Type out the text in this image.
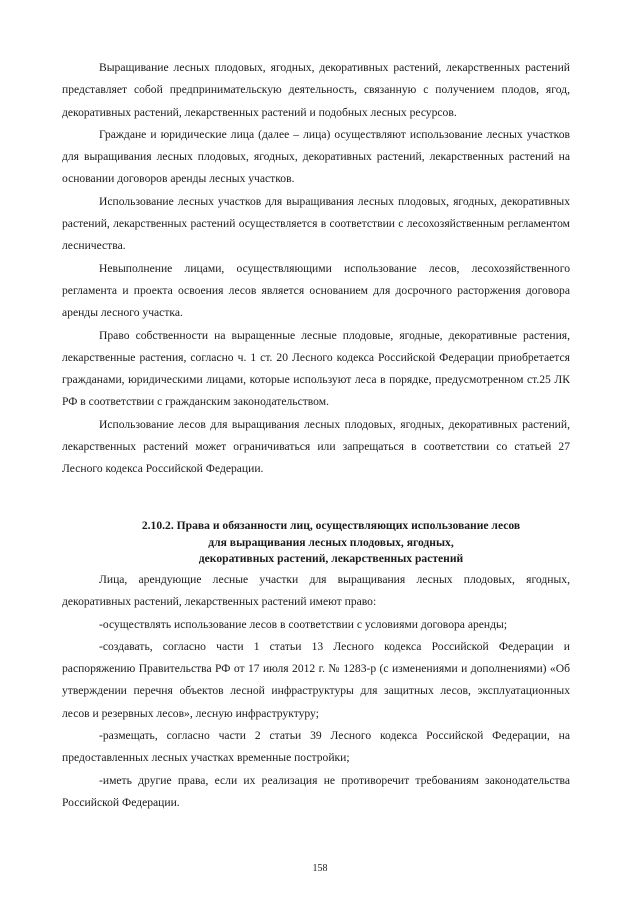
Выращивание лесных плодовых, ягодных, декоративных растений, лекарственных растений представляет собой предпринимательскую деятельность, связанную с получением плодов, ягод, декоративных растений, лекарственных растений и подобных лесных ресурсов.

Граждане и юридические лица (далее – лица) осуществляют использование лесных участков для выращивания лесных плодовых, ягодных, декоративных растений, лекарственных растений на основании договоров аренды лесных участков.

Использование лесных участков для выращивания лесных плодовых, ягодных, декоративных растений, лекарственных растений осуществляется в соответствии с лесохозяйственным регламентом лесничества.

Невыполнение лицами, осуществляющими использование лесов, лесохозяйственного регламента и проекта освоения лесов является основанием для досрочного расторжения договора аренды лесного участка.

Право собственности на выращенные лесные плодовые, ягодные, декоративные растения, лекарственные растения, согласно ч. 1 ст. 20 Лесного кодекса Российской Федерации приобретается гражданами, юридическими лицами, которые используют леса в порядке, предусмотренном ст.25 ЛК РФ в соответствии с гражданским законодательством.

Использование лесов для выращивания лесных плодовых, ягодных, декоративных растений, лекарственных растений может ограничиваться или запрещаться в соответствии со статьей 27 Лесного кодекса Российской Федерации.

2.10.2. Права и обязанности лиц, осуществляющих использование лесов
для выращивания лесных плодовых, ягодных,
декоративных растений, лекарственных растений

Лица, арендующие лесные участки для выращивания лесных плодовых, ягодных, декоративных растений, лекарственных растений имеют право:

-осуществлять использование лесов в соответствии с условиями договора аренды;

-создавать, согласно части 1 статьи 13 Лесного кодекса Российской Федерации и распоряжению Правительства РФ от 17 июля 2012 г. № 1283-р (с изменениями и дополнениями) «Об утверждении перечня объектов лесной инфраструктуры для защитных лесов, эксплуатационных лесов и резервных лесов», лесную инфраструктуру;

-размещать, согласно части 2 статьи 39 Лесного кодекса Российской Федерации, на предоставленных лесных участках временные постройки;

-иметь другие права, если их реализация не противоречит требованиям законодательства Российской Федерации.

158
